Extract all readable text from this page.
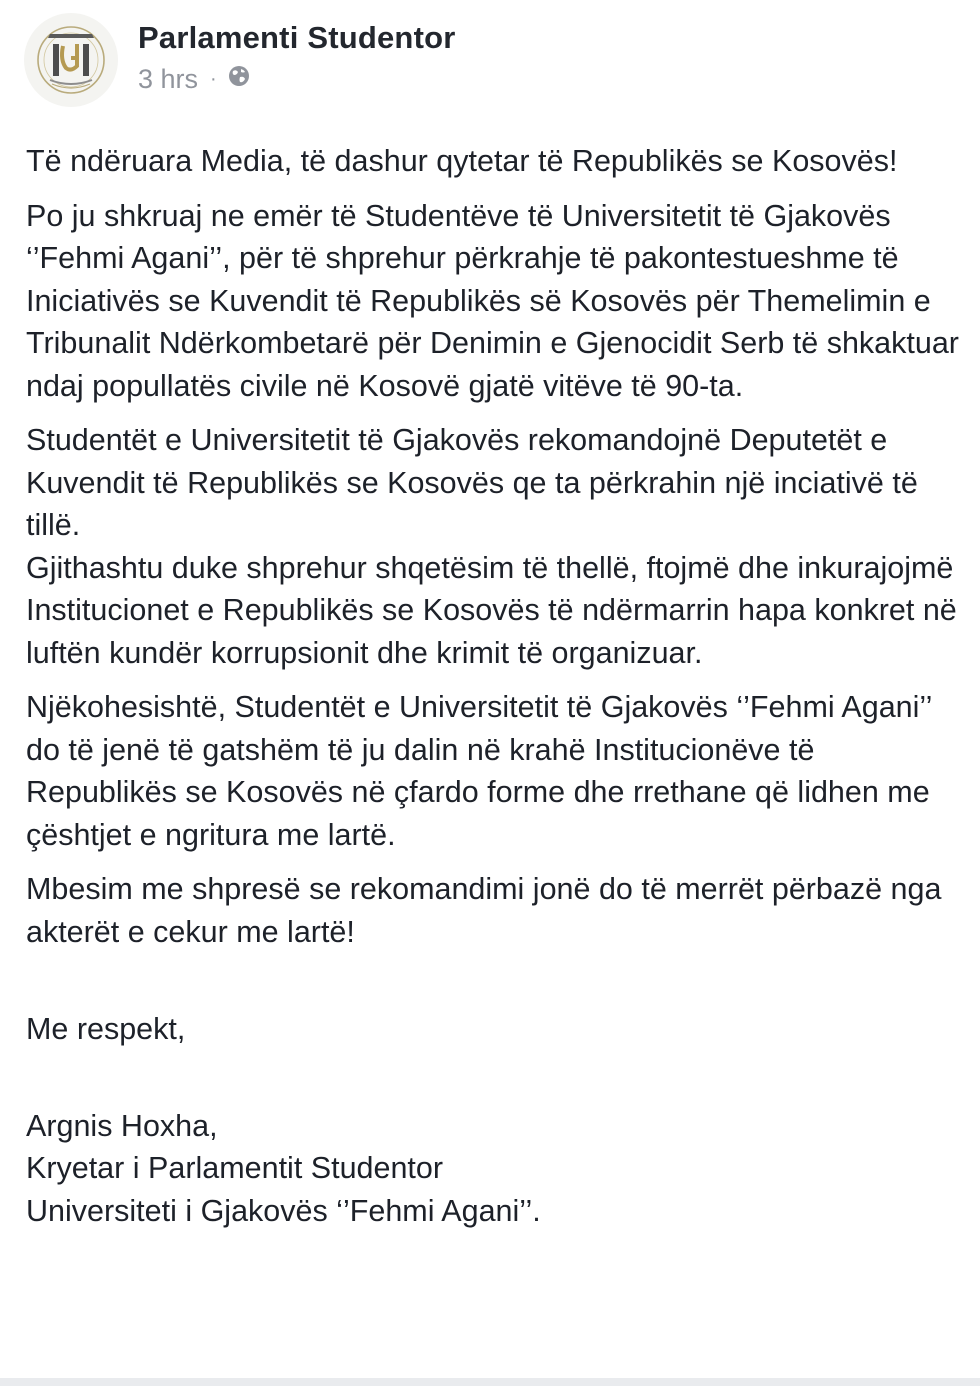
Parlamenti Studentor
3 hrs ·

Të ndëruara Media, të dashur qytetar të Republikës se Kosovës!

Po ju shkruaj ne emër të Studentëve të Universitetit të Gjakovës ‘’Fehmi Agani’’, për të shprehur përkrahje të pakontestueshme të Iniciativës se Kuvendit të Republikës së Kosovës për Themelimin e Tribunalit Ndërkombetarë për Denimin e Gjenocidit Serb të shkaktuar ndaj popullatës civile në Kosovë gjatë vitëve të 90-ta.

Studentët e Universitetit të Gjakovës rekomandojnë Deputetët e Kuvendit të Republikës se Kosovës qe ta përkrahin një inciativë të tillë.

Gjithashtu duke shprehur shqetësim të thellë, ftojmë dhe inkurajojmë Institucionet e Republikës se Kosovës të ndërmarrin hapa konkret në luftën kundër korrupsionit dhe krimit të organizuar.

Njëkohesishtë, Studentët e Universitetit të Gjakovës ‘’Fehmi Agani’’ do të jenë të gatshëm të ju dalin në krahë Institucionëve të Republikës se Kosovës në çfardo forme dhe rrethane që lidhen me çështjet e ngritura me lartë.

Mbesim me shpresë se rekomandimi jonë do të merrët përbazë nga akterët e cekur me lartë!

Me respekt,

Argnis Hoxha,

Kryetar i Parlamentit Studentor

Universiteti i Gjakovës ‘’Fehmi Agani’’.
